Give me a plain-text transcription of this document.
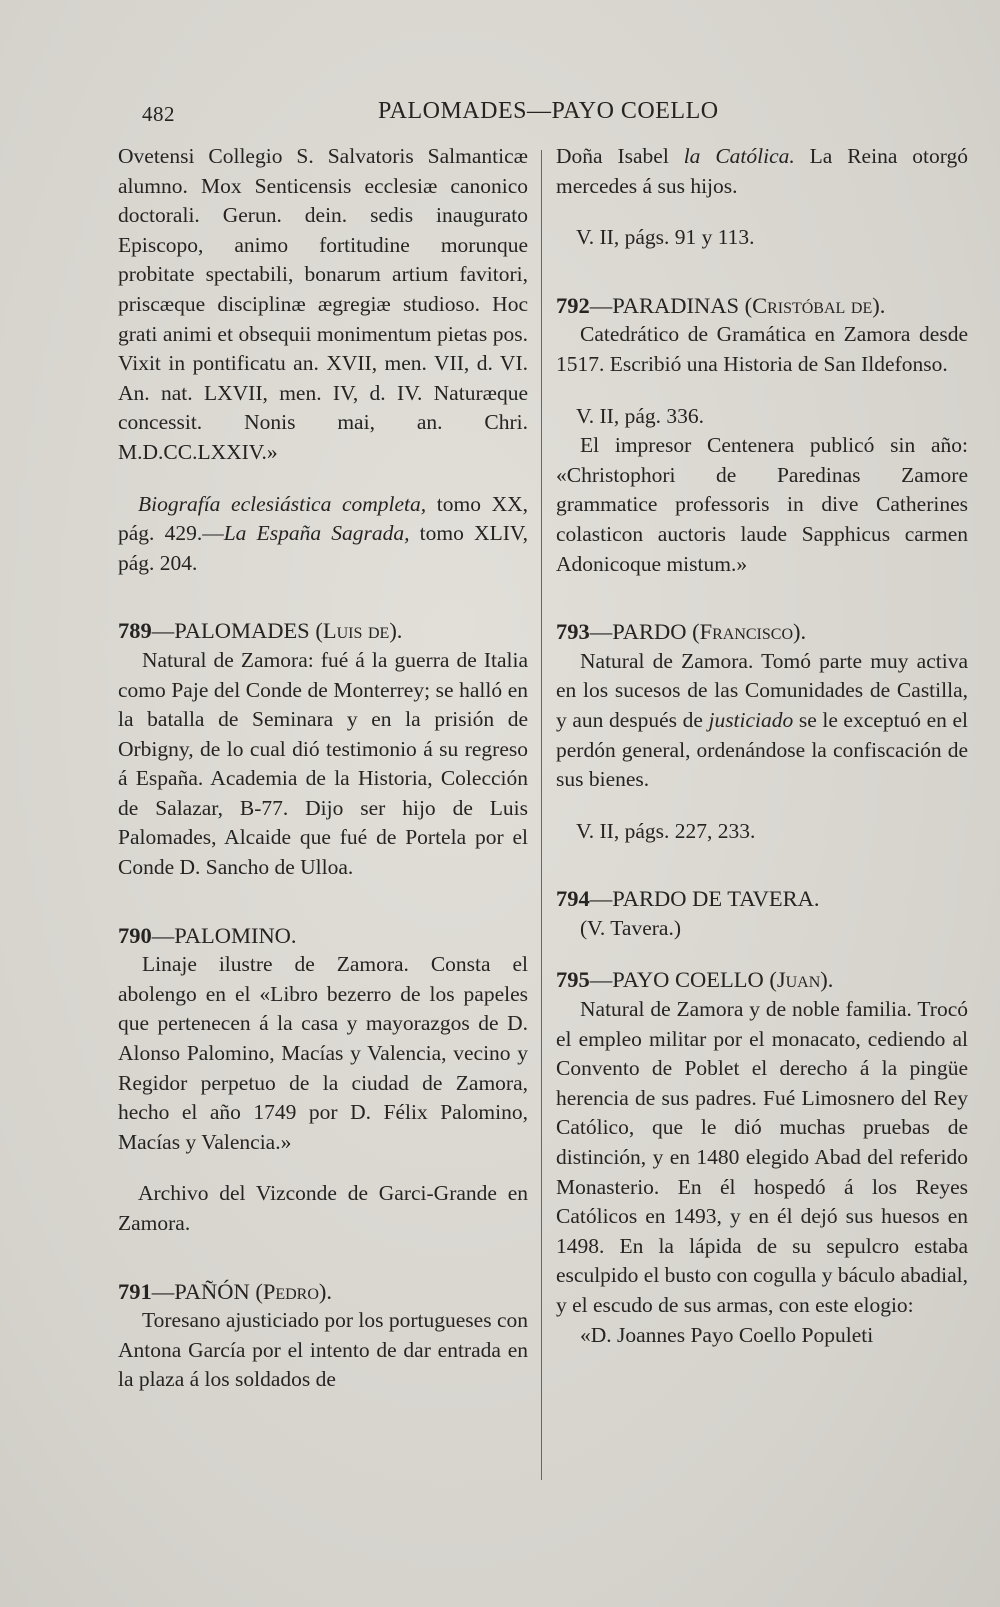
482	PALOMADES—PAYO COELLO

Ovetensi Collegio S. Salvatoris Salmanticæ alumno. Mox Senticensis ecclesiæ canonico doctorali. Gerun. dein. sedis inaugurato Episcopo, animo fortitudine morunque probitate spectabili, bonarum artium favitori, priscæque disciplinæ ægregiæ studioso. Hoc grati animi et obsequii monimentum pietas pos. Vixit in pontificatu an. XVII, men. VII, d. VI. An. nat. LXVII, men. IV, d. IV. Naturæque concessit. Nonis mai, an. Chri. M.D.CC.LXXIV.»

Biografía eclesiástica completa, tomo XX, pág. 429.—La España Sagrada, tomo XLIV, pág. 204.

789—PALOMADES (Luis de).

Natural de Zamora: fué á la guerra de Italia como Paje del Conde de Monterrey; se halló en la batalla de Seminara y en la prisión de Orbigny, de lo cual dió testimonio á su regreso á España. Academia de la Historia, Colección de Salazar, B-77. Dijo ser hijo de Luis Palomades, Alcaide que fué de Portela por el Conde D. Sancho de Ulloa.

790—PALOMINO.

Linaje ilustre de Zamora. Consta el abolengo en el «Libro bezerro de los papeles que pertenecen á la casa y mayorazgos de D. Alonso Palomino, Macías y Valencia, vecino y Regidor perpetuo de la ciudad de Zamora, hecho el año 1749 por D. Félix Palomino, Macías y Valencia.»

Archivo del Vizconde de Garci-Grande en Zamora.

791—PAÑÓN (Pedro).

Toresano ajusticiado por los portugueses con Antona García por el intento de dar entrada en la plaza á los soldados de

Doña Isabel la Católica. La Reina otorgó mercedes á sus hijos.

V. II, págs. 91 y 113.

792—PARADINAS (Cristóbal de).

Catedrático de Gramática en Zamora desde 1517. Escribió una Historia de San Ildefonso.

V. II, pág. 336.

El impresor Centenera publicó sin año: «Christophori de Paredinas Zamore grammatice professoris in dive Catherines colasticon auctoris laude Sapphicus carmen Adonicoque mistum.»

793—PARDO (Francisco).

Natural de Zamora. Tomó parte muy activa en los sucesos de las Comunidades de Castilla, y aun después de justiciado se le exceptuó en el perdón general, ordenándose la confiscación de sus bienes.

V. II, págs. 227, 233.

794—PARDO DE TAVERA.

(V. Tavera.)

795—PAYO COELLO (Juan).

Natural de Zamora y de noble familia. Trocó el empleo militar por el monacato, cediendo al Convento de Poblet el derecho á la pingüe herencia de sus padres. Fué Limosnero del Rey Católico, que le dió muchas pruebas de distinción, y en 1480 elegido Abad del referido Monasterio. En él hospedó á los Reyes Católicos en 1493, y en él dejó sus huesos en 1498. En la lápida de su sepulcro estaba esculpido el busto con cogulla y báculo abadial, y el escudo de sus armas, con este elogio:

«D. Joannes Payo Coello Populeti
